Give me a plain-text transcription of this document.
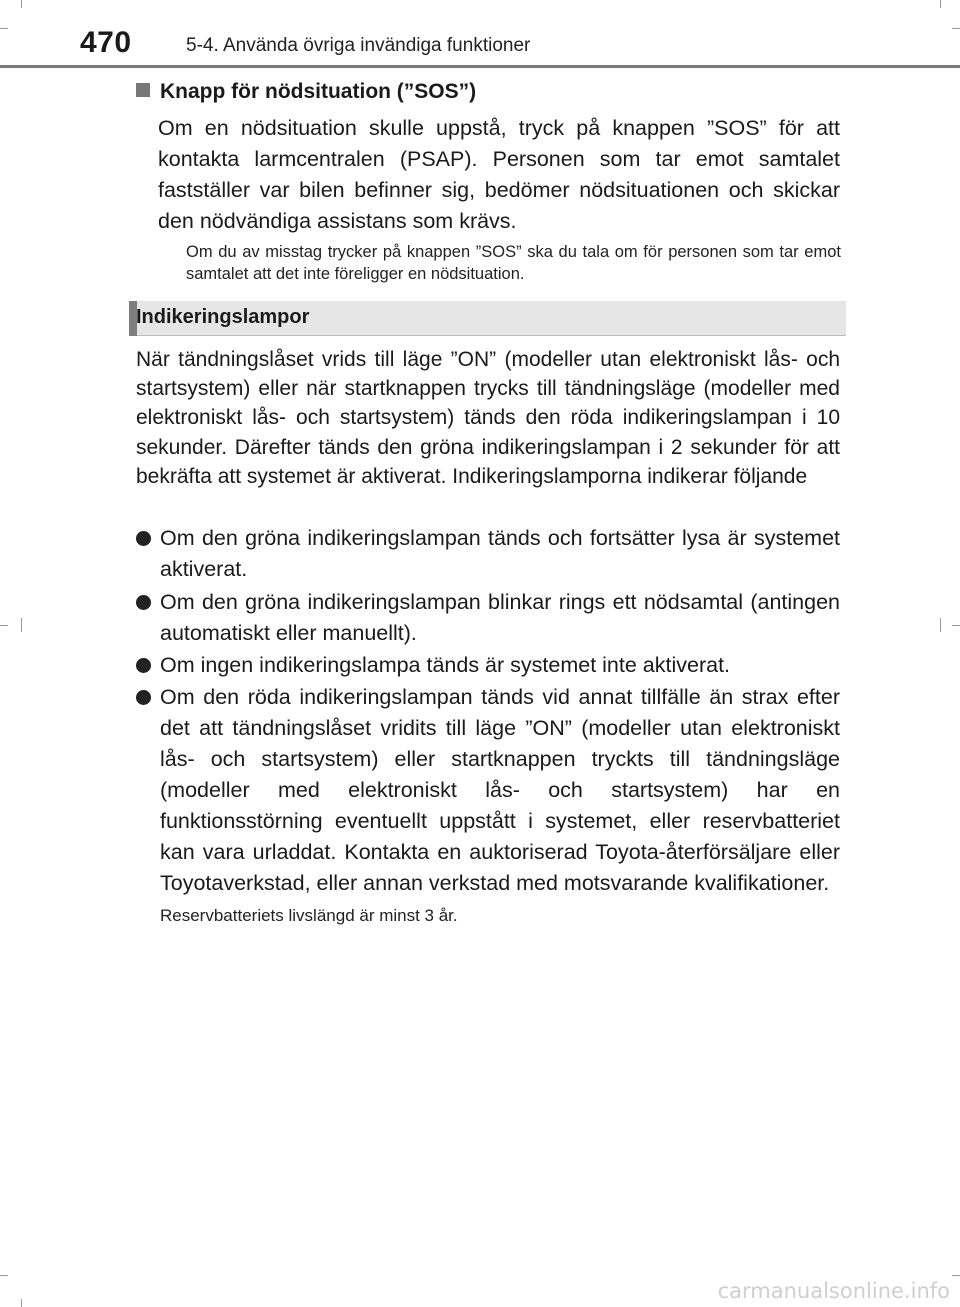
470	5-4. Använda övriga invändiga funktioner
Knapp för nödsituation (”SOS”)
Om en nödsituation skulle uppstå, tryck på knappen ”SOS” för att kontakta larmcentralen (PSAP). Personen som tar emot samtalet fastställer var bilen befinner sig, bedömer nödsituationen och skickar den nödvändiga assistans som krävs.
Om du av misstag trycker på knappen ”SOS” ska du tala om för personen som tar emot samtalet att det inte föreligger en nödsituation.
Indikeringslampor
När tändningslåset vrids till läge ”ON” (modeller utan elektroniskt lås- och startsystem) eller när startknappen trycks till tändningsläge (modeller med elektroniskt lås- och startsystem) tänds den röda indikeringslampan i 10 sekunder. Därefter tänds den gröna indikeringslampan i 2 sekunder för att bekräfta att systemet är aktiverat. Indikeringslamporna indikerar följande
Om den gröna indikeringslampan tänds och fortsätter lysa är systemet aktiverat.
Om den gröna indikeringslampan blinkar rings ett nödsamtal (antingen automatiskt eller manuellt).
Om ingen indikeringslampa tänds är systemet inte aktiverat.
Om den röda indikeringslampan tänds vid annat tillfälle än strax efter det att tändningslåset vridits till läge ”ON” (modeller utan elektroniskt lås- och startsystem) eller startknappen tryckts till tändningsläge (modeller med elektroniskt lås- och startsystem) har en funktionsstörning eventuellt uppstått i systemet, eller reservbatteriet kan vara urladdat. Kontakta en auktoriserad Toyota-återförsäljare eller Toyotaverkstad, eller annan verkstad med motsvarande kvalifikationer.
Reservbatteriets livslängd är minst 3 år.
carmanualsonline.info
